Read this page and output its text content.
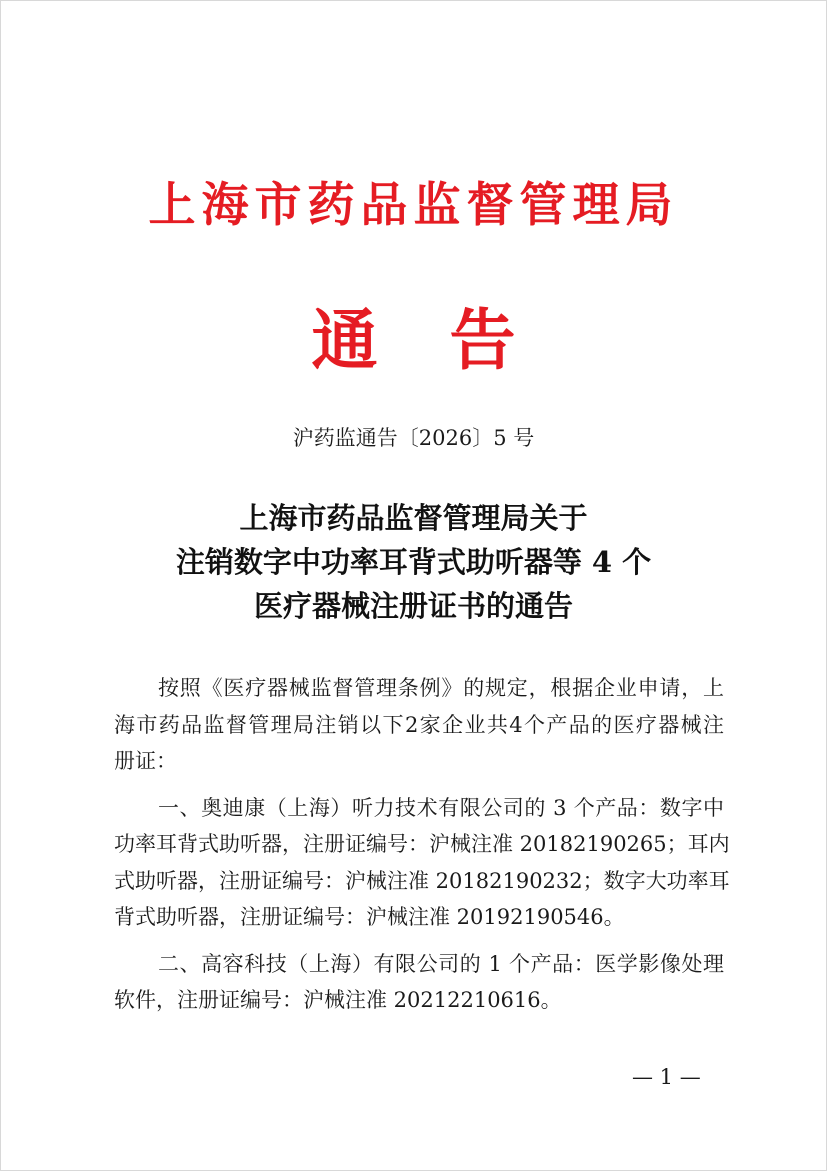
上海市药品监督管理局
通告
沪药监通告〔2026〕5 号
上海市药品监督管理局关于
注销数字中功率耳背式助听器等 4 个
医疗器械注册证书的通告
按照《医疗器械监督管理条例》的规定，根据企业申请，上
海市药品监督管理局注销以下2家企业共4个产品的医疗器械注
册证：
一、奥迪康（上海）听力技术有限公司的 3 个产品：数字中
功率耳背式助听器，注册证编号：沪械注准 20182190265；耳内
式助听器，注册证编号：沪械注准 20182190232；数字大功率耳
背式助听器，注册证编号：沪械注准 20192190546。
二、高容科技（上海）有限公司的 1 个产品：医学影像处理
软件，注册证编号：沪械注准 20212210616。
— 1 —
